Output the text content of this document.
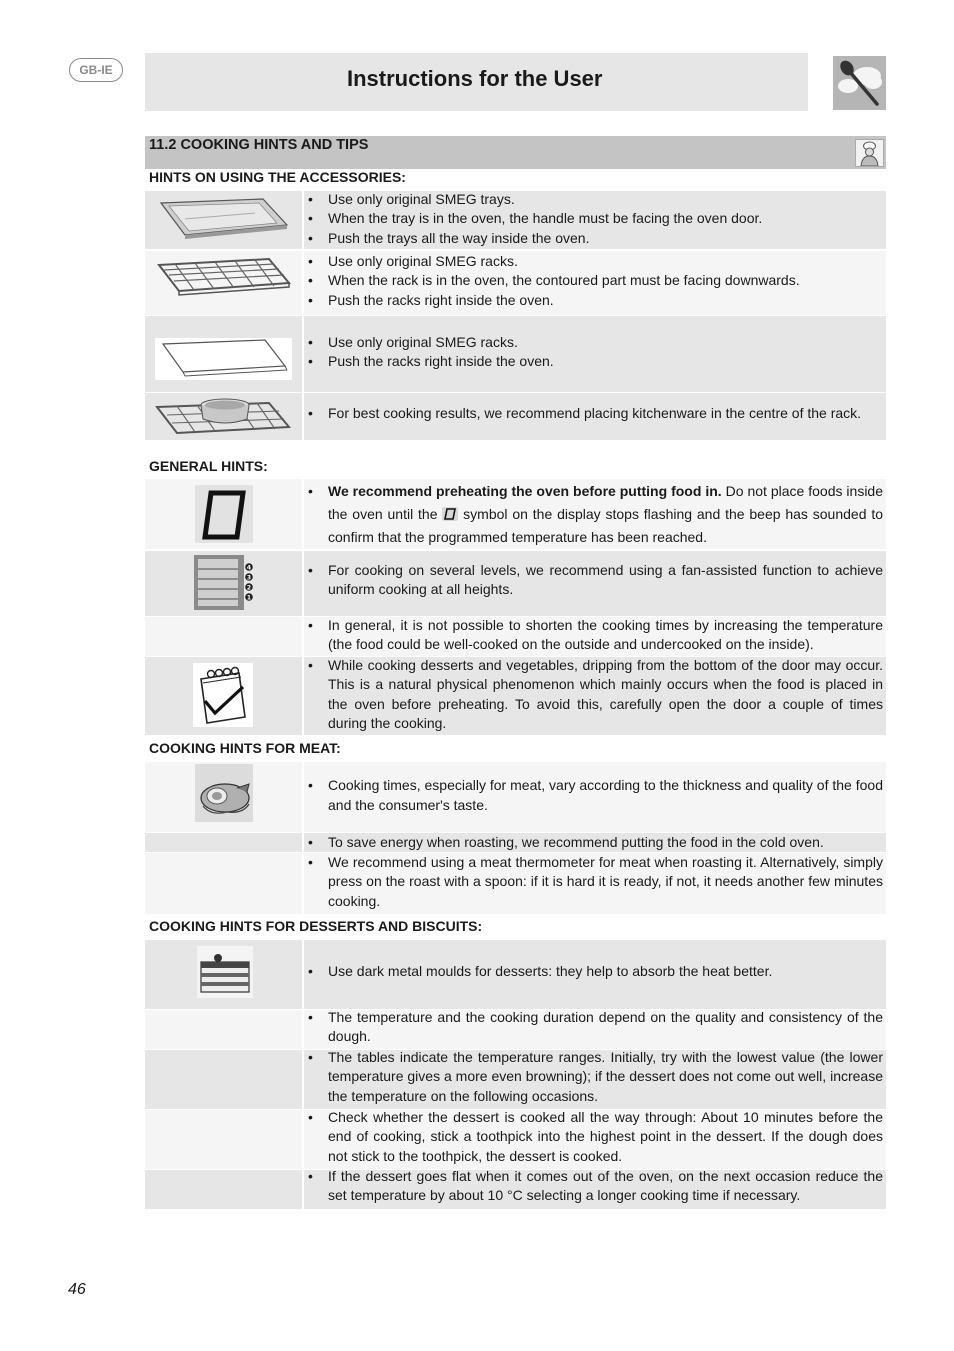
GB-IE	Instructions for the User
11.2 COOKING HINTS AND TIPS
HINTS ON USING THE ACCESSORIES:
• Use only original SMEG trays.
• When the tray is in the oven, the handle must be facing the oven door.
• Push the trays all the way inside the oven.
• Use only original SMEG racks.
• When the rack is in the oven, the contoured part must be facing downwards.
• Push the racks right inside the oven.
• Use only original SMEG racks.
• Push the racks right inside the oven.
• For best cooking results, we recommend placing kitchenware in the centre of the rack.
GENERAL HINTS:
• We recommend preheating the oven before putting food in. Do not place foods inside the oven until the symbol on the display stops flashing and the beep has sounded to confirm that the programmed temperature has been reached.
4
3
2
1
• For cooking on several levels, we recommend using a fan-assisted function to achieve uniform cooking at all heights.
• In general, it is not possible to shorten the cooking times by increasing the temperature (the food could be well-cooked on the outside and undercooked on the inside).
• While cooking desserts and vegetables, dripping from the bottom of the door may occur. This is a natural physical phenomenon which mainly occurs when the food is placed in the oven before preheating. To avoid this, carefully open the door a couple of times during the cooking.
COOKING HINTS FOR MEAT:
• Cooking times, especially for meat, vary according to the thickness and quality of the food and the consumer's taste.
• To save energy when roasting, we recommend putting the food in the cold oven.
• We recommend using a meat thermometer for meat when roasting it. Alternatively, simply press on the roast with a spoon: if it is hard it is ready, if not, it needs another few minutes cooking.
COOKING HINTS FOR DESSERTS AND BISCUITS:
• Use dark metal moulds for desserts: they help to absorb the heat better.
• The temperature and the cooking duration depend on the quality and consistency of the dough.
• The tables indicate the temperature ranges. Initially, try with the lowest value (the lower temperature gives a more even browning); if the dessert does not come out well, increase the temperature on the following occasions.
• Check whether the dessert is cooked all the way through: About 10 minutes before the end of cooking, stick a toothpick into the highest point in the dessert. If the dough does not stick to the toothpick, the dessert is cooked.
• If the dessert goes flat when it comes out of the oven, on the next occasion reduce the set temperature by about 10 °C selecting a longer cooking time if necessary.
46
